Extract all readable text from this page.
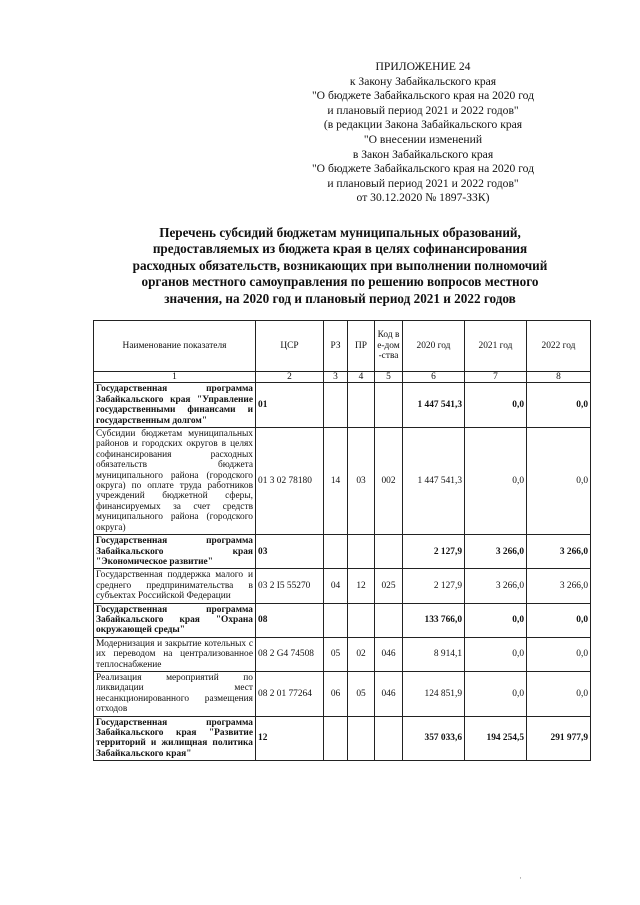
ПРИЛОЖЕНИЕ 24
к Закону Забайкальского края
"О бюджете Забайкальского края на 2020 год
и плановый период 2021 и 2022 годов"
(в редакции Закона Забайкальского края
"О внесении изменений
в Закон Забайкальского края
"О бюджете Забайкальского края на 2020 год
и плановый период 2021 и 2022 годов"
от 30.12.2020 № 1897-ЗЗК)
Перечень субсидий бюджетам муниципальных образований,
предоставляемых из бюджета края в целях софинансирования
расходных обязательств, возникающих при выполнении полномочий
органов местного самоуправления по решению вопросов местного
значения, на 2020 год и плановый период 2021 и 2022 годов
Наименование показателя	ЦСР	РЗ	ПР	Код ве-дом-ства	2020 год	2021 год	2022 год
1	2	3	4	5	6	7	8
Государственная программа Забайкальского края "Управление государственными финансами и государственным долгом"	01				1 447 541,3	0,0	0,0
Субсидии бюджетам муниципальных районов и городских округов в целях софинансирования расходных обязательств бюджета муниципального района (городского округа) по оплате труда работников учреждений бюджетной сферы, финансируемых за счет средств муниципального района (городского округа)	01 3 02 78180	14	03	002	1 447 541,3	0,0	0,0
Государственная программа Забайкальского края "Экономическое развитие"	03				2 127,9	3 266,0	3 266,0
Государственная поддержка малого и среднего предпринимательства в субъектах Российской Федерации	03 2 I5 55270	04	12	025	2 127,9	3 266,0	3 266,0
Государственная программа Забайкальского края "Охрана окружающей среды"	08				133 766,0	0,0	0,0
Модернизация и закрытие котельных с их переводом на централизованное теплоснабжение	08 2 G4 74508	05	02	046	8 914,1	0,0	0,0
Реализация мероприятий по ликвидации мест несанкционированного размещения отходов	08 2 01 77264	06	05	046	124 851,9	0,0	0,0
Государственная программа Забайкальского края "Развитие территорий и жилищная политика Забайкальского края"	12				357 033,6	194 254,5	291 977,9
·
